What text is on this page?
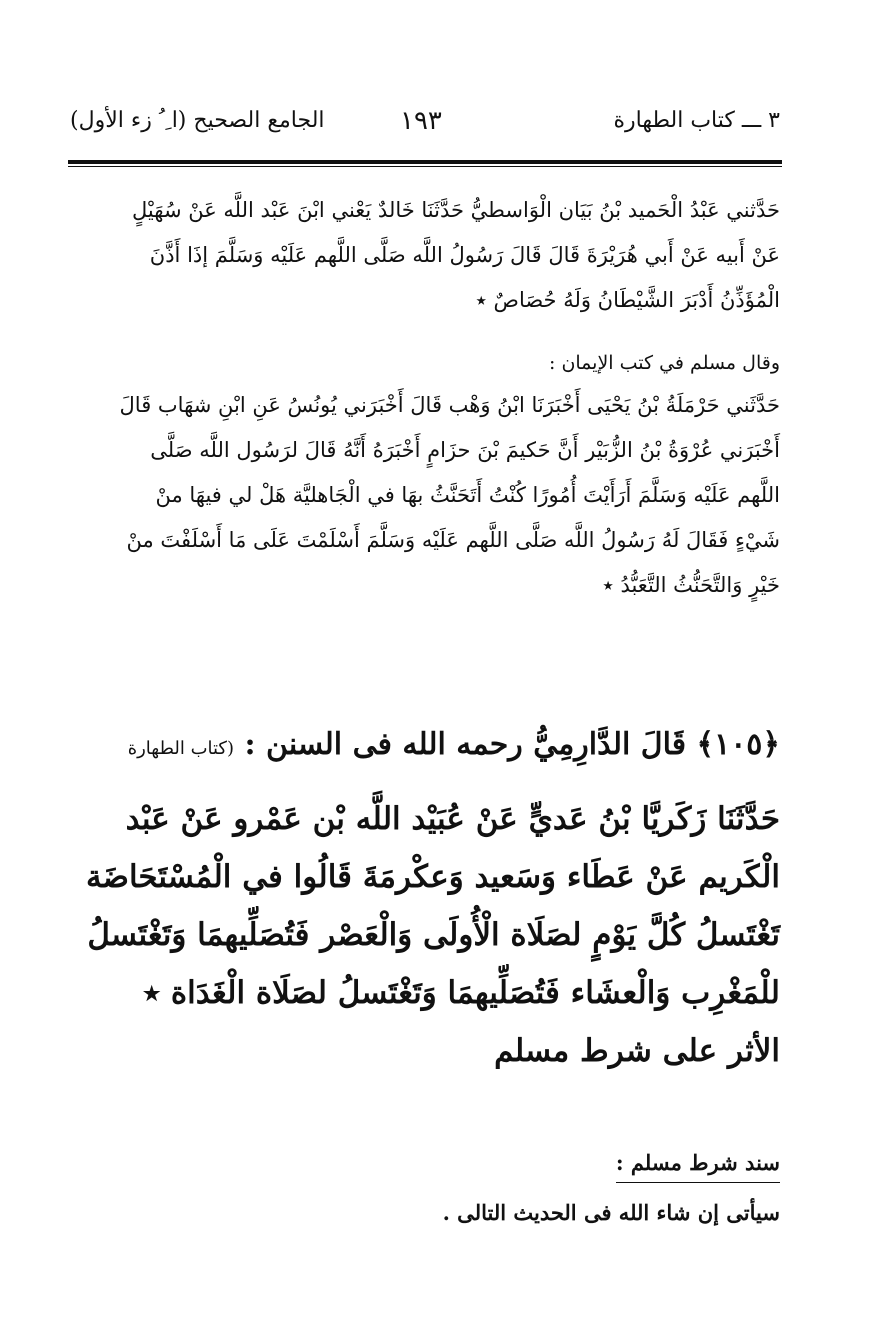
٣ ـــ كتاب الطهارة
١٩٣
الجامع الصحيح (ا ِ ُ زء الأول)
حَدَّثني عَبْدُ الْحَميد بْنُ بَيَان الْوَاسطيُّ حَدَّثَنَا خَالدٌ يَعْني ابْنَ عَبْد اللَّه عَنْ سُهَيْلٍ
عَنْ أَبيه عَنْ أَبي هُرَيْرَةَ قَالَ قَالَ رَسُولُ اللَّه صَلَّى اللَّهم عَلَيْه وَسَلَّمَ إذَا أَذَّنَ
الْمُؤَذِّنُ أَدْبَرَ الشَّيْطَانُ وَلَهُ حُصَاصٌ ٭
وقال مسلم في كتب الإيمان :
حَدَّثَني حَرْمَلَةُ بْنُ يَحْيَى أَخْبَرَنَا ابْنُ وَهْب قَالَ أَخْبَرَني يُونُسُ عَنِ ابْنِ شهَاب قَالَ
أَخْبَرَني عُرْوَةُ بْنُ الزُّبَيْر أَنَّ حَكيمَ بْنَ حزَامٍ أَخْبَرَهُ أَنَّهُ قَالَ لرَسُول اللَّه صَلَّى
اللَّهم عَلَيْه وَسَلَّمَ أَرَأَيْتَ أُمُورًا كُنْتُ أَتَحَنَّثُ بهَا في الْجَاهليَّة هَلْ لي فيهَا منْ
شَيْءٍ فَقَالَ لَهُ رَسُولُ اللَّه صَلَّى اللَّهم عَلَيْه وَسَلَّمَ أَسْلَمْتَ عَلَى مَا أَسْلَفْتَ منْ
خَيْرٍ وَالتَّحَنُّثُ التَّعَبُّدُ ٭
﴿١٠٥﴾ قَالَ الدَّارِمِيُّ رحمه الله فى السنن : (كتاب الطهارة
حَدَّثَنَا زَكَريَّا بْنُ عَديٍّ عَنْ عُبَيْد اللَّه بْن عَمْرو عَنْ عَبْد
الْكَريم عَنْ عَطَاء وَسَعيد وَعكْرمَةَ قَالُوا في الْمُسْتَحَاضَة
تَغْتَسلُ كُلَّ يَوْمٍ لصَلَاة الْأُولَى وَالْعَصْر فَتُصَلِّيهمَا وَتَغْتَسلُ
للْمَغْرِب وَالْعشَاء فَتُصَلِّيهمَا وَتَغْتَسلُ لصَلَاة الْغَدَاة ٭
الأثر على شرط مسلم
سند شرط مسلم :
سيأتى إن شاء الله فى الحديث التالى .
